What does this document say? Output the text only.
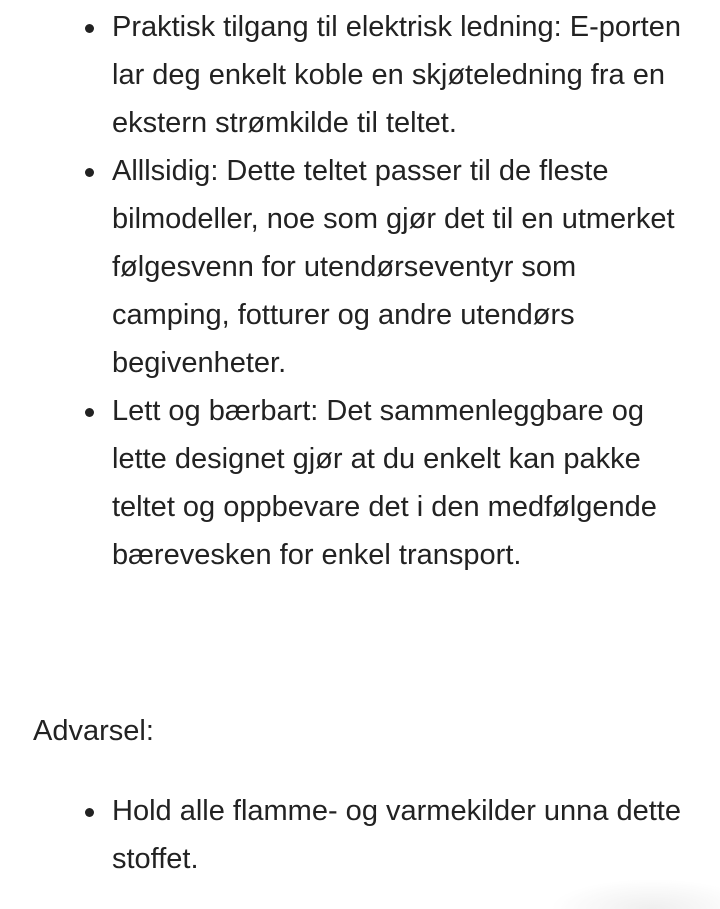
Praktisk tilgang til elektrisk ledning: E-porten lar deg enkelt koble en skjøteledning fra en ekstern strømkilde til teltet.
Alllsidig: Dette teltet passer til de fleste bilmodeller, noe som gjør det til en utmerket følgesvenn for utendørseventyr som camping, fotturer og andre utendørs begivenheter.
Lett og bærbart: Det sammenleggbare og lette designet gjør at du enkelt kan pakke teltet og oppbevare det i den medfølgende bærevesken for enkel transport.

Advarsel:

Hold alle flamme- og varmekilder unna dette stoffet.
